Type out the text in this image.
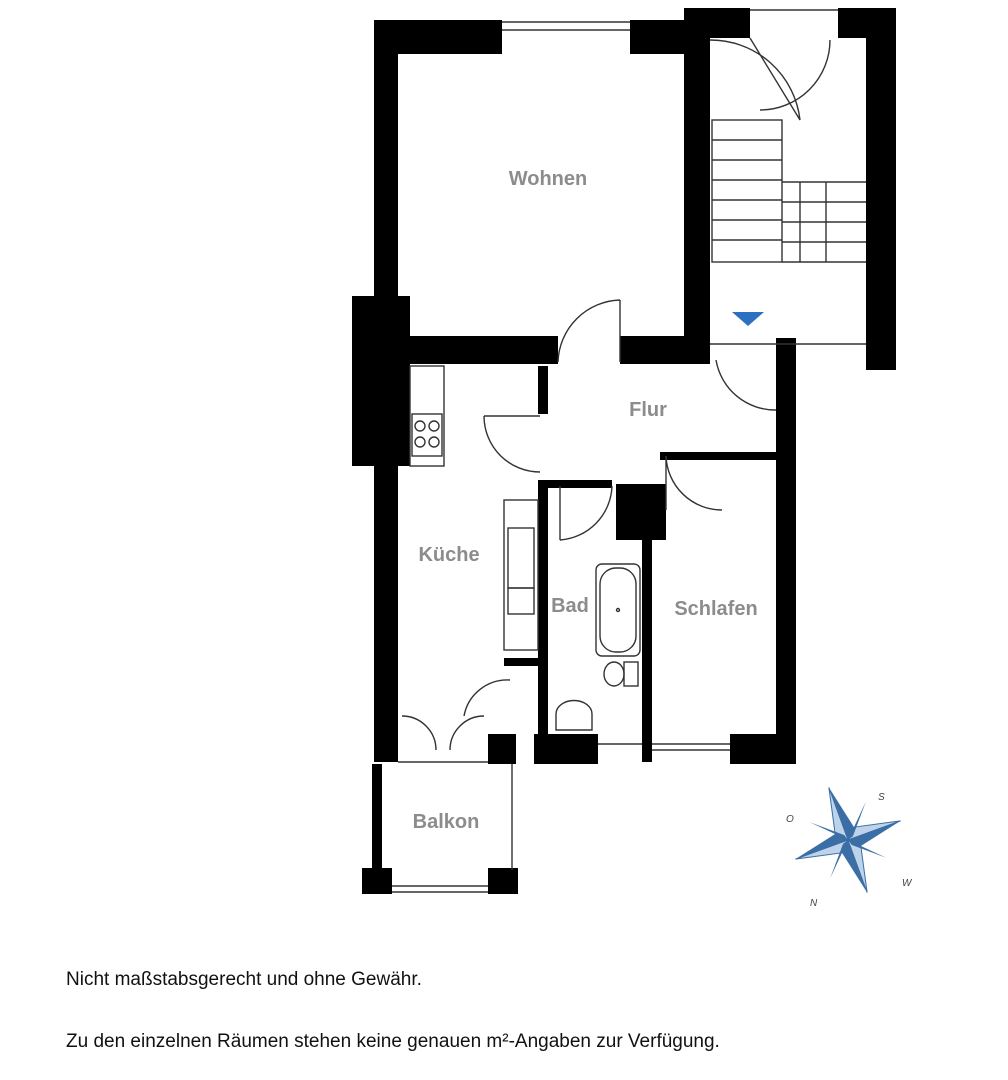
Wohnen
Flur
Küche
Bad	Schlafen
Balkon
S
O
W
N
Nicht maßstabsgerecht und ohne Gewähr.
Zu den einzelnen Räumen stehen keine genauen m²-Angaben zur Verfügung.
